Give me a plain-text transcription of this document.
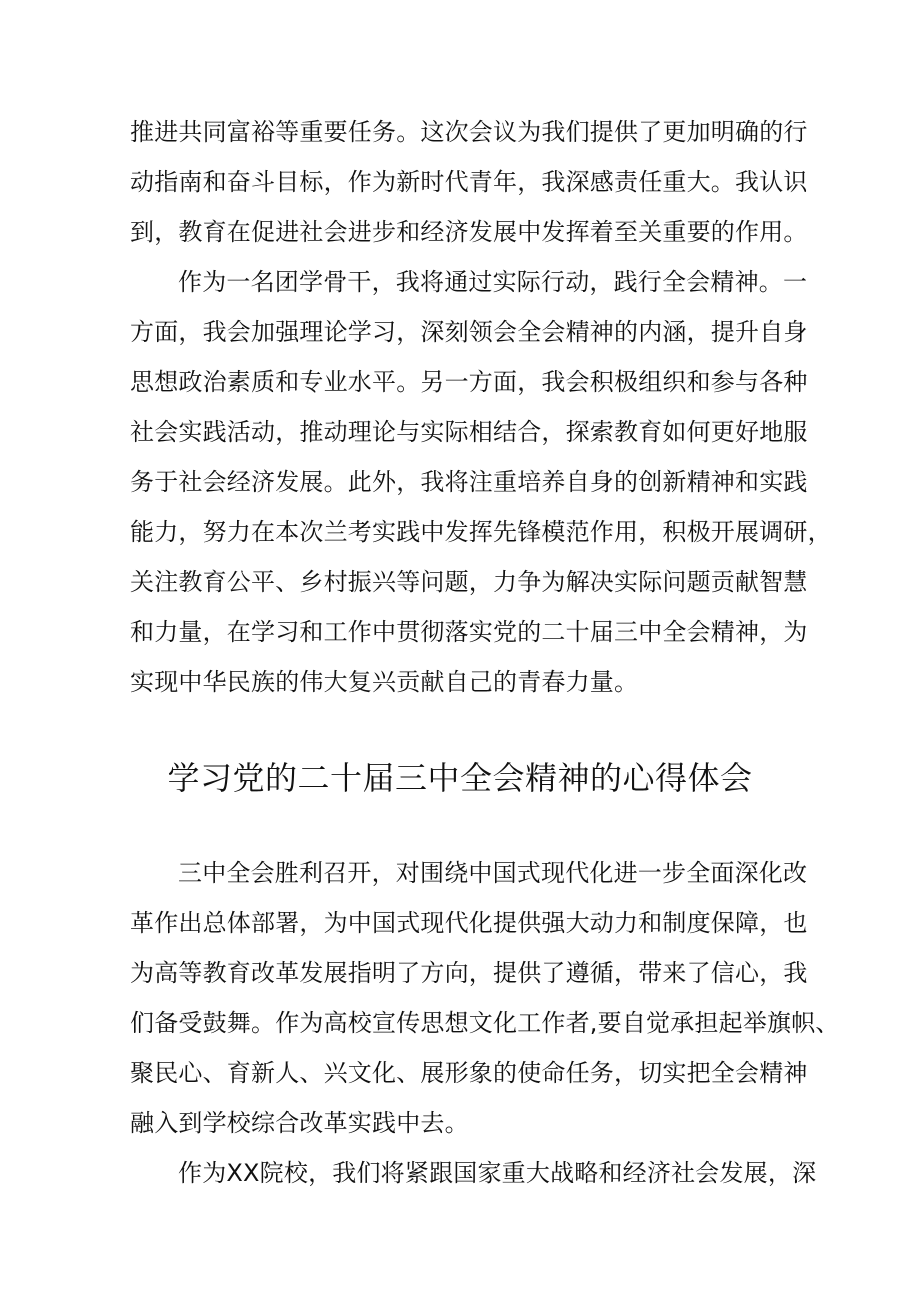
推进共同富裕等重要任务。这次会议为我们提供了更加明确的行
动指南和奋斗目标，作为新时代青年，我深感责任重大。我认识
到，教育在促进社会进步和经济发展中发挥着至关重要的作用。
作为一名团学骨干，我将通过实际行动，践行全会精神。一
方面，我会加强理论学习，深刻领会全会精神的内涵，提升自身
思想政治素质和专业水平。另一方面，我会积极组织和参与各种
社会实践活动，推动理论与实际相结合，探索教育如何更好地服
务于社会经济发展。此外，我将注重培养自身的创新精神和实践
能力，努力在本次兰考实践中发挥先锋模范作用，积极开展调研，
关注教育公平、乡村振兴等问题，力争为解决实际问题贡献智慧
和力量，在学习和工作中贯彻落实党的二十届三中全会精神，为
实现中华民族的伟大复兴贡献自己的青春力量。
学习党的二十届三中全会精神的心得体会
三中全会胜利召开，对围绕中国式现代化进一步全面深化改
革作出总体部署，为中国式现代化提供强大动力和制度保障，也
为高等教育改革发展指明了方向，提供了遵循，带来了信心，我
们备受鼓舞。作为高校宣传思想文化工作者,要自觉承担起举旗帜、
聚民心、育新人、兴文化、展形象的使命任务，切实把全会精神
融入到学校综合改革实践中去。
作为XX院校，我们将紧跟国家重大战略和经济社会发展，深
